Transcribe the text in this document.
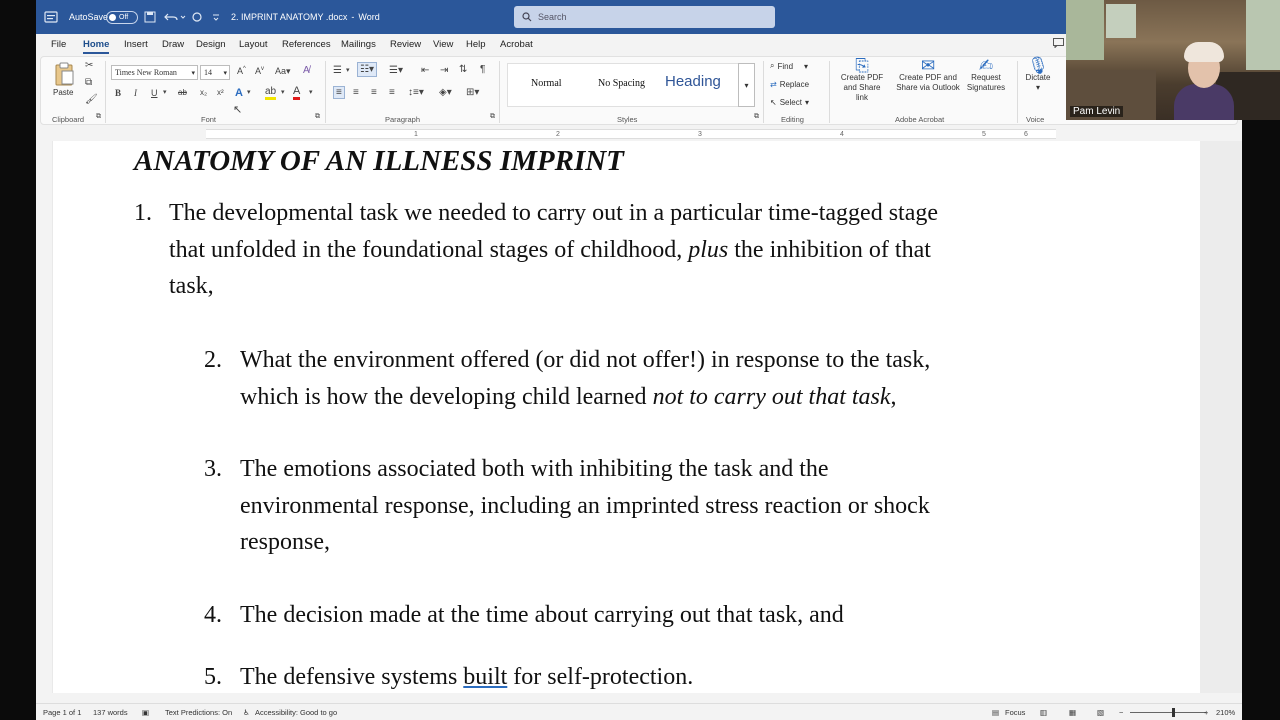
AutoSave Off	2. IMPRINT ANATOMY .docx - Word	Search
File Home Insert Draw Design Layout References Mailings Review View Help Acrobat
Paste
✂
⧉
🖌
Clipboard ⧉
Times New Roman ▾ 14 ▾ A^ $A^v$ Aa▾ A̸
B I U ▾ ab x₂ x² A ▾ ab ▾ A ▾
Font	⧉
↖
☰ ▾	☷▾	☰▾ ⇤ ⇥ ⇅ ¶
≡	≡ ≡ ≡ ↕≡▾ ◈▾ ⊞▾
Paragraph	⧉
Normal	No Spacing Heading	▾
Styles	⧉
⌕ Find ▾
⇄ Replace
↖ Select ▾
Editing
⎘
Create PDF
and Share link
✉
Create PDF and
Share via Outlook
✍
Request
Signatures
Adobe Acrobat
🎙
Dictate
▾
Voice
1	2	3	4	5	6
ANATOMY OF AN ILLNESS IMPRINT
1. The developmental task we needed to carry out in a particular time-tagged stage
that unfolded in the foundational stages of childhood, plus the inhibition of that
task,
2. What the environment offered (or did not offer!) in response to the task,
which is how the developing child learned not to carry out that task,
3. The emotions associated both with inhibiting the task and the
environmental response, including an imprinted stress reaction or shock
response,
4. The decision made at the time about carrying out that task, and
5. The defensive systems built for self-protection.
Page 1 of 1 137 words ▣ Text Predictions: On ♿ Accessibility: Good to go	▤ Focus ▥	▦	▧ −	+ 210%
Pam Levin
zoom
